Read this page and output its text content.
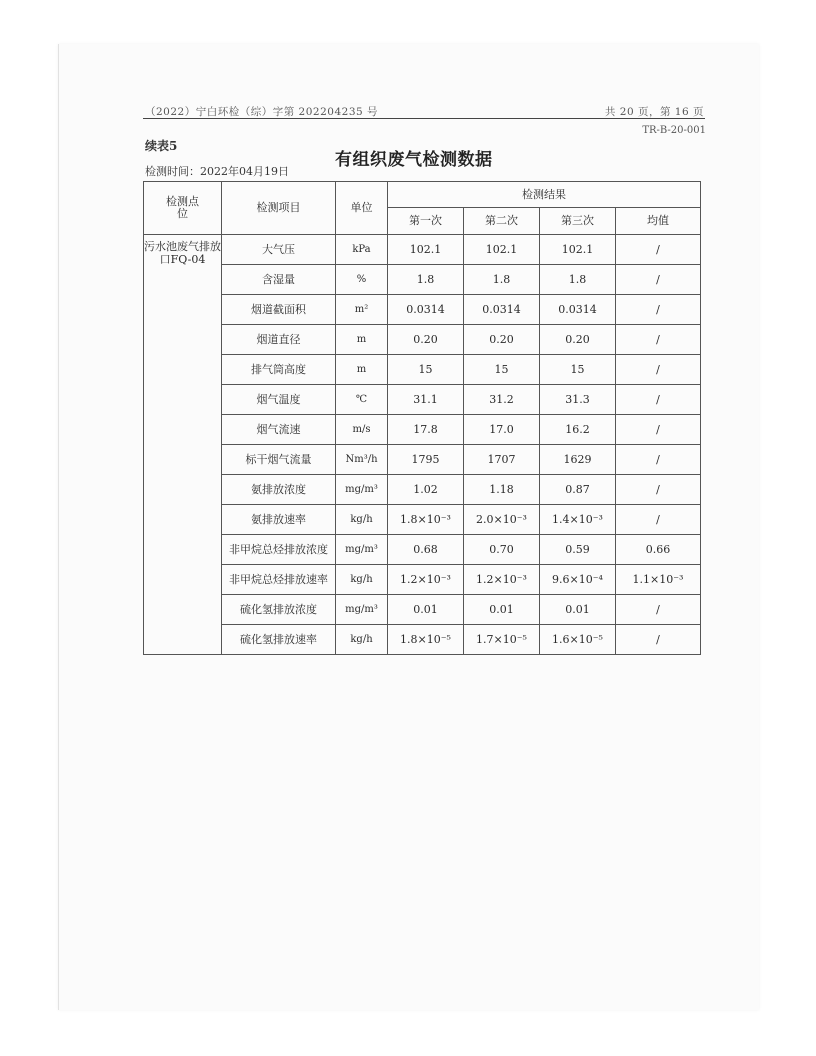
（2022）宁白环检（综）字第 202204235 号	共 20 页，第 16 页
TR-B-20-001
续表5
有组织废气检测数据
检测时间：2022年04月19日
检测点位	检测项目	单位	检测结果			
			第一次	第二次	第三次	均值
污水池废气排放口FQ-04	大气压	kPa	102.1	102.1	102.1	/
	含湿量	%	1.8	1.8	1.8	/
	烟道截面积	m²	0.0314	0.0314	0.0314	/
	烟道直径	m	0.20	0.20	0.20	/
	排气筒高度	m	15	15	15	/
	烟气温度	℃	31.1	31.2	31.3	/
	烟气流速	m/s	17.8	17.0	16.2	/
	标干烟气流量	Nm³/h	1795	1707	1629	/
	氨排放浓度	mg/m³	1.02	1.18	0.87	/
	氨排放速率	kg/h	1.8×10⁻³	2.0×10⁻³	1.4×10⁻³	/
	非甲烷总烃排放浓度	mg/m³	0.68	0.70	0.59	0.66
	非甲烷总烃排放速率	kg/h	1.2×10⁻³	1.2×10⁻³	9.6×10⁻⁴	1.1×10⁻³
	硫化氢排放浓度	mg/m³	0.01	0.01	0.01	/
	硫化氢排放速率	kg/h	1.8×10⁻⁵	1.7×10⁻⁵	1.6×10⁻⁵	/
